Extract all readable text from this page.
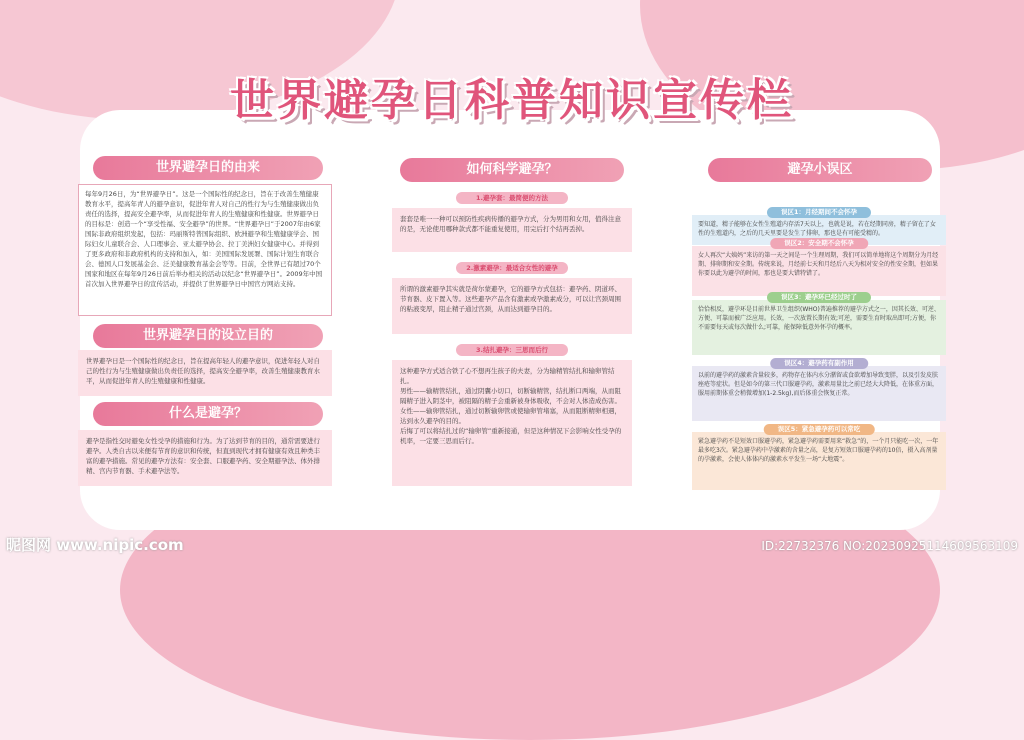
世界避孕日科普知识宣传栏
世界避孕日的由来
每年9月26日，为“世界避孕日”。这是一个国际性的纪念日，旨在于改善生殖健康教育水平，提高年青人的避孕意识，促进年青人对自己的性行为与生殖健康做出负责任的选择，提高安全避孕率，从而促进年青人的生殖健康和性健康。世界避孕日的目标是：创造一个“享受性福、安全避孕”的世界。“世界避孕日”于2007年由6家国际非政府组织发起，包括：玛丽斯特普国际组织、欧洲避孕和生殖健康学会、国际妇女儿童联合会、人口理事会、亚太避孕协会、拉丁美洲妇女健康中心。并得到了更多政府和非政府机构的支持和加入，如：美国国际发展署、国际计划生育联合会、德国人口发展基金会、泛美健康教育基金会等等。目前，全世界已有超过70个国家和地区在每年9月26日前后举办相关的活动以纪念“世界避孕日”。2009年中国首次加入世界避孕日的宣传活动，并提供了世界避孕日中国官方网站支持。
世界避孕日的设立目的
世界避孕日是一个国际性的纪念日，旨在提高年轻人的避孕意识，促进年轻人对自己的性行为与生殖健康做出负责任的选择，提高安全避孕率，改善生殖健康教育水平，从而促进年青人的生殖健康和性健康。
什么是避孕？
避孕是指性交时避免女性受孕的措施和行为。为了达到节育的目的，通常需要进行避孕。人类自古以来便有节育的意识和传统，但直到现代才拥有健康有效且种类丰富的避孕措施。常见的避孕方法有：安全套、口服避孕药、安全期避孕法、体外排精、宫内节育器、手术避孕法等。
如何科学避孕？
1.避孕套：最简便的方法
套套是唯一一种可以预防性疾病传播的避孕方式，分为男用和女用，值得注意的是，无论使用哪种款式都不能重复使用，用完后打个结再丢掉。
2.激素避孕：最适合女性的避孕
所谓的激素避孕其实就是荷尔蒙避孕，它的避孕方式包括：避孕药、阴道环、节育器、皮下置入等。这些避孕产品含有激素或孕激素成分，可以让宫颈周围的粘液变厚，阻止精子通过宫颈，从而达到避孕目的。
3.结扎避孕：三思而后行
这种避孕方式适合铁了心不想再生孩子的夫妻，分为输精管结扎和输卵管结扎。
男性——输精管结扎，通过阴囊小切口，切断输精管，结扎断口两端，从而阻隔精子进入阴茎中，被阻隔的精子会重新被身体吸收，不会对人体造成伤害。
女性——输卵管结扎，通过切断输卵管或使输卵管堵塞，从而阻断精卵相遇，达到永久避孕的目的。
后悔了可以将结扎过的“输卵管”重新接通，但是这种情况下会影响女性受孕的机率，一定要三思而后行。
避孕小误区
要知道，精子能够在女性生殖道内存活7天以上，也就是说，若在经期同房，精子留在了女性的生殖道内，之后的几天里要是发生了排卵，那也是有可能受精的。
误区1：月经期间不会怀孕
女人再次“大姨妈”来访的第一天之间是一个生理周期，我们可以简单地将这个周期分为月经期、排卵期和安全期。传统来说，月经前七天和月经后八天为相对安全的性安全期，但如果你要以此为避孕的时间，那也是要大错特错了。
误区2：安全期不会怀孕
恰恰相反，避孕环是目前世界卫生组织(WHO)普遍推荐的避孕方式之一，因其长效、可逆、方便、可靠而被广泛应用。长效，一次放置长期有效;可逆，需要生育时取出即可;方便，你不需要每天或每次做什么;可靠，能保障低意外怀孕的概率。
误区3：避孕环已经过时了
以前的避孕药的激素含量较多，药物存在体内水分潴留或食欲增加导致变胖，以及引发皮肤痤疮等症状。但是如今的第三代口服避孕药，激素用量比之前已经大大降低，在体重方面，服用前期体重会稍微增加(1-2.5kg),而后体重会恢复正常。
误区4：避孕药有副作用
紧急避孕药不是短效口服避孕药，紧急避孕药需要用来“救急”的，一个月只能吃一次，一年最多吃3次。紧急避孕药中孕激素的含量之高，是复方短效口服避孕药的10倍，摄入高剂量的孕激素，会使人体体内的激素水平发生一场“大地震”。
误区5：紧急避孕药可以常吃
昵图网 www.nipic.com	ID:22732376 NO:20230925114609563109
